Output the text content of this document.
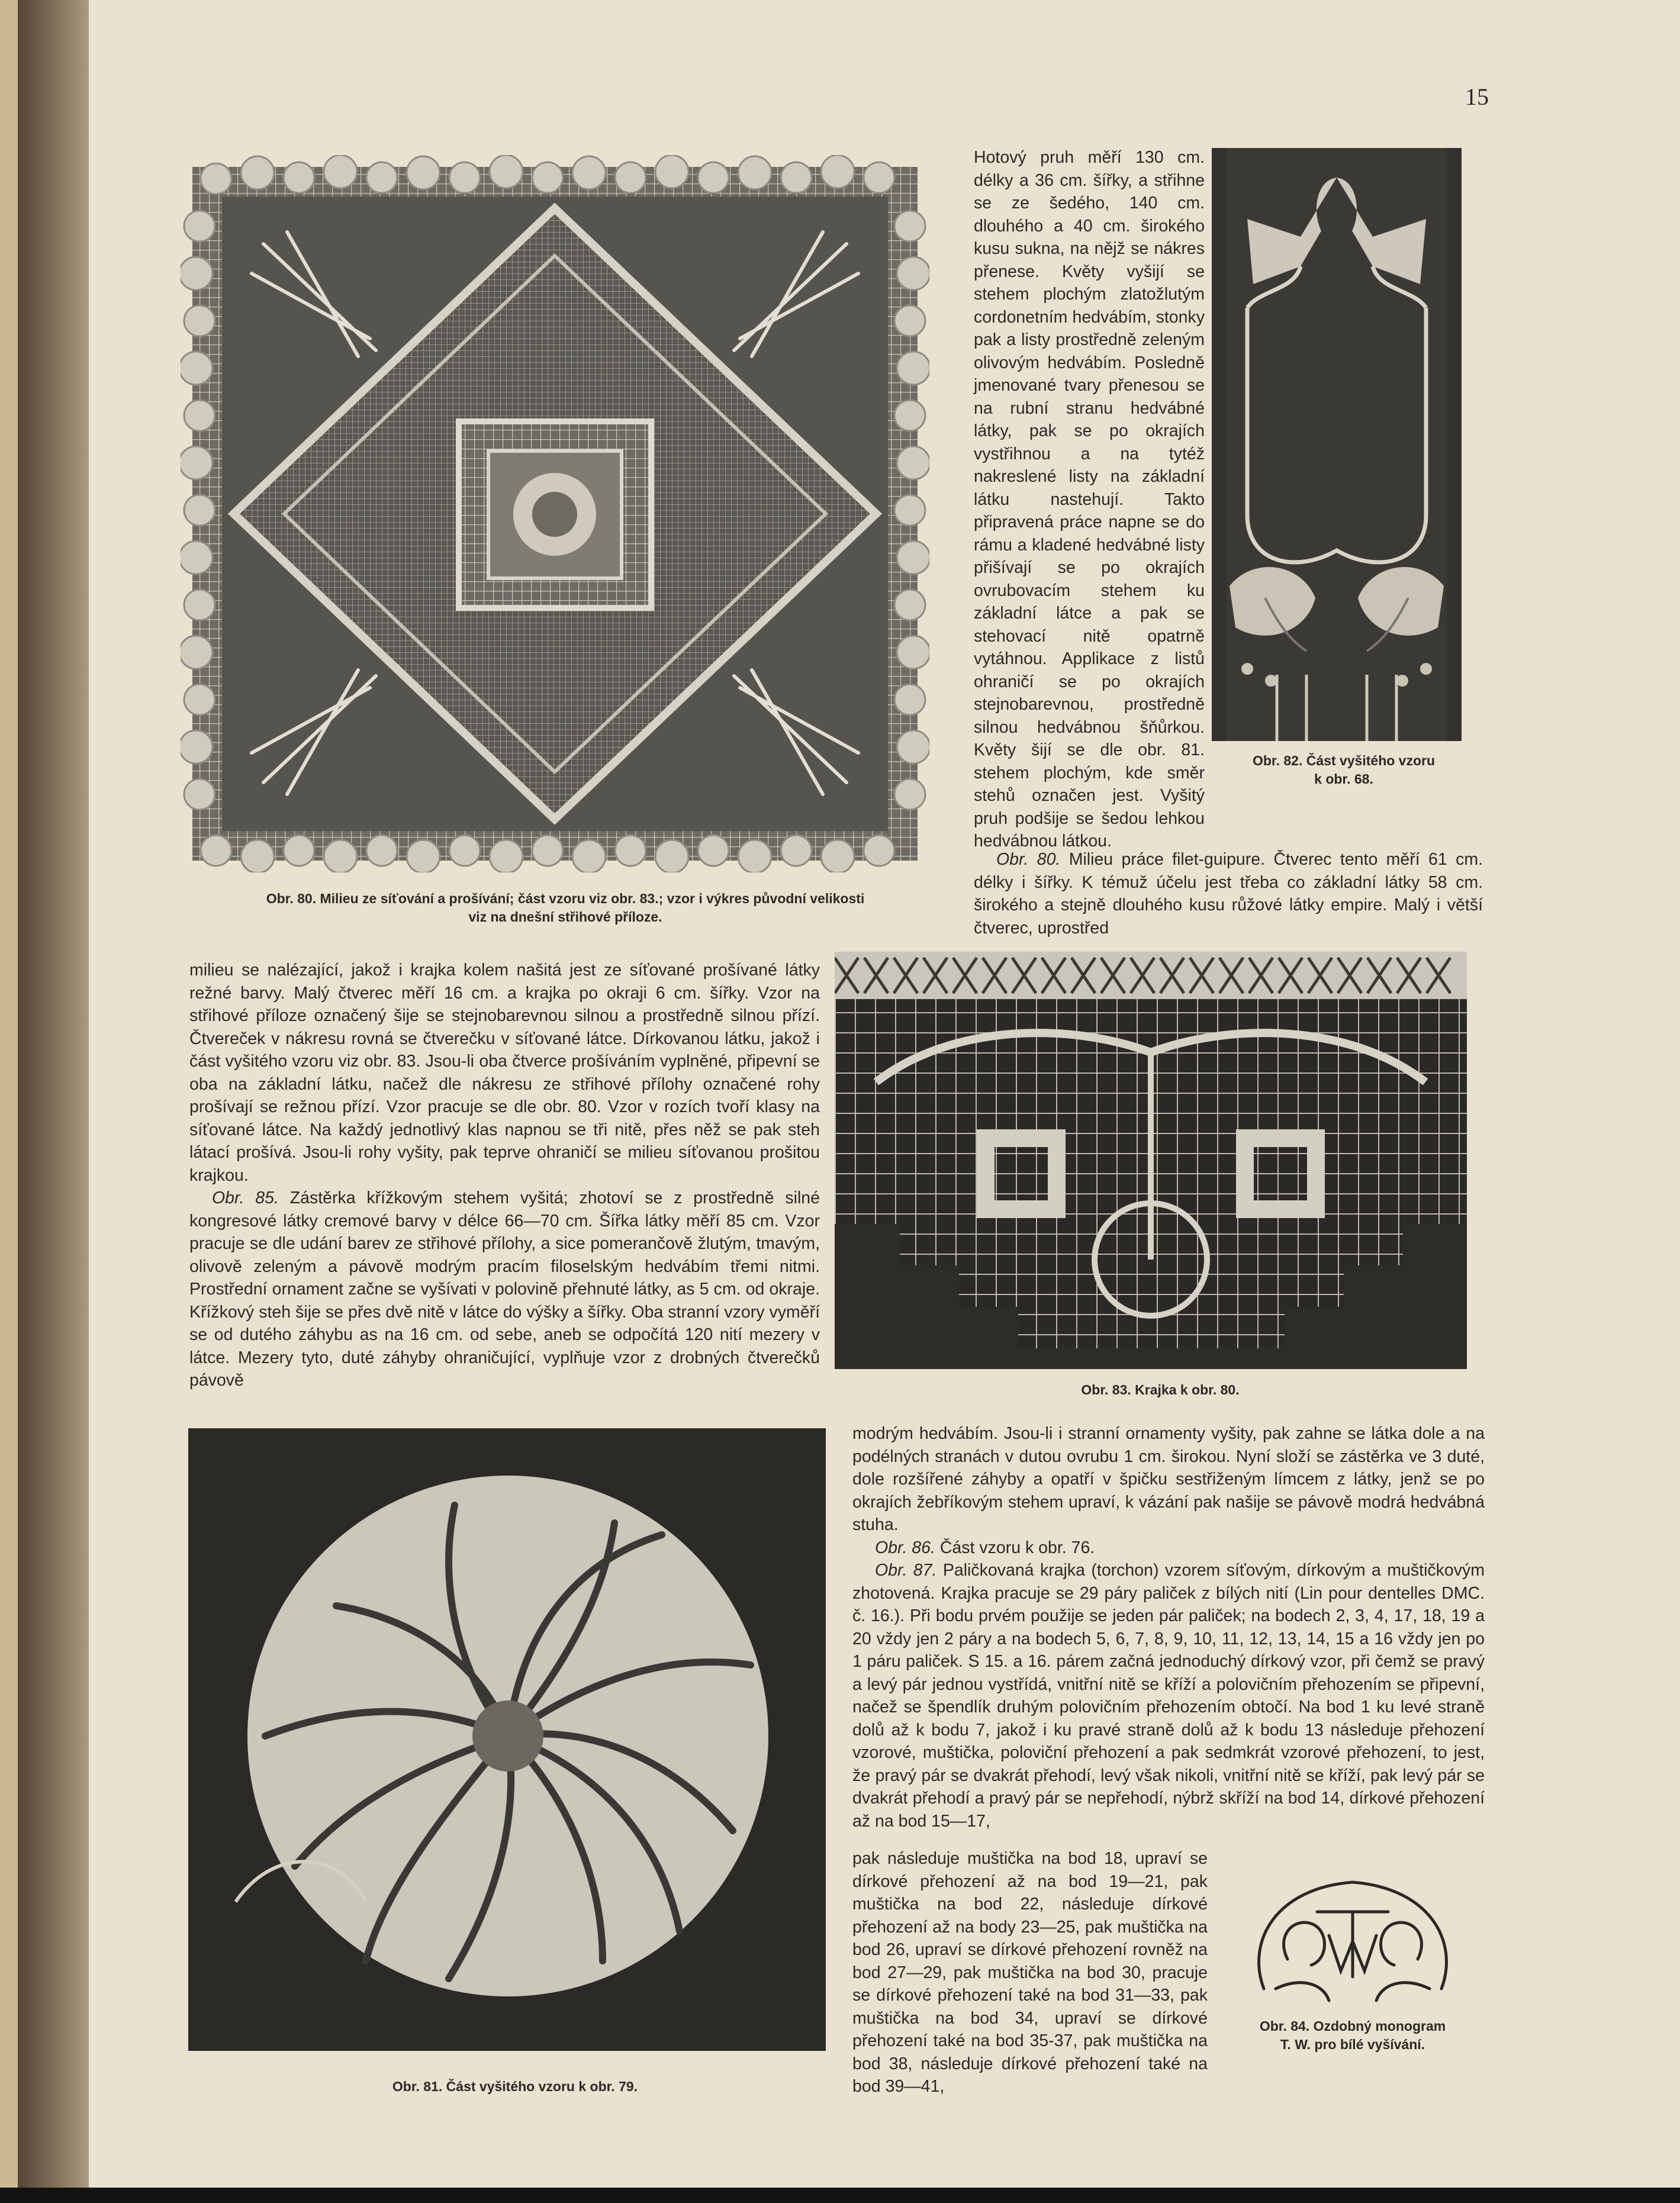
15
Obr. 80. Milieu ze síťování a prošívání; část vzoru viz obr. 83.; vzor i výkres původní velikosti
viz na dnešní střihové příloze.

Hotový pruh měří 130 cm. délky a 36 cm. šířky, a střihne se ze šedého, 140 cm. dlouhého a 40 cm. širokého kusu sukna, na nějž se nákres přenese. Květy vyšijí se stehem plochým zlatožlutým cordonetním hedvábím, stonky pak a listy prostředně zeleným olivovým hedvábím. Posledně jmenované tvary přenesou se na rubní stranu hedvábné látky, pak se po okrajích vystřihnou a na tytéž nakreslené listy na základní látku nastehují. Takto připravená práce napne se do rámu a kladené hedvábné listy přišívají se po okrajích ovrubovacím stehem ku základní látce a pak se stehovací nitě opatrně vytáhnou. Applikace z listů ohraničí se po okrajích stejnobarevnou, prostředně silnou hedvábnou šňůrkou. Květy šijí se dle obr. 81. stehem plochým, kde směr stehů označen jest. Vyšitý pruh podšije se šedou lehkou hedvábnou látkou.

Obr. 82. Část vyšitého vzoru
k obr. 68.

Obr. 80. Milieu práce filet-guipure. Čtverec tento měří 61 cm. délky i šířky. K témuž účelu jest třeba co základní látky 58 cm. širokého a stejně dlouhého kusu růžové látky empire. Malý i větší čtverec, uprostřed

milieu se nalézající, jakož i krajka kolem našitá jest ze síťované prošívané látky režné barvy. Malý čtverec měří 16 cm. a krajka po okraji 6 cm. šířky. Vzor na střihové příloze označený šije se stejnobarevnou silnou a prostředně silnou přízí. Čtvereček v nákresu rovná se čtverečku v síťované látce. Dírkovanou látku, jakož i část vyšitého vzoru viz obr. 83. Jsou-li oba čtverce prošíváním vyplněné, připevní se oba na základní látku, načež dle nákresu ze střihové přílohy označené rohy prošívají se režnou přízí. Vzor pracuje se dle obr. 80. Vzor v rozích tvoří klasy na síťované látce. Na každý jednotlivý klas napnou se tři nitě, přes něž se pak steh látací prošívá. Jsou-li rohy vyšity, pak teprve ohraničí se milieu síťovanou prošitou krajkou.

Obr. 85. Zástěrka křížkovým stehem vyšitá; zhotoví se z prostředně silné kongresové látky cremové barvy v délce 66—70 cm. Šířka látky měří 85 cm. Vzor pracuje se dle udání barev ze střihové přílohy, a sice pomerančově žlutým, tmavým, olivově zeleným a pávově modrým pracím filoselským hedvábím třemi nitmi. Prostřední ornament začne se vyšívati v polovině přehnuté látky, as 5 cm. od okraje. Křížkový steh šije se přes dvě nitě v látce do výšky a šířky. Oba stranní vzory vyměří se od dutého záhybu as na 16 cm. od sebe, aneb se odpočítá 120 nití mezery v látce. Mezery tyto, duté záhyby ohraničující, vyplňuje vzor z drobných čtverečků pávově	Obr. 83. Krajka k obr. 80.
Obr. 81. Část vyšitého vzoru k obr. 79.

modrým hedvábím. Jsou-li i stranní ornamenty vyšity, pak zahne se látka dole a na podélných stranách v dutou ovrubu 1 cm. širokou. Nyní složí se zástěrka ve 3 duté, dole rozšířené záhyby a opatří v špičku sestřiženým límcem z látky, jenž se po okrajích žebříkovým stehem upraví, k vázání pak našije se pávově modrá hedvábná stuha.

Obr. 86. Část vzoru k obr. 76.

Obr. 87. Paličkovaná krajka (torchon) vzorem síťovým, dírkovým a muštičkovým zhotovená. Krajka pracuje se 29 páry paliček z bílých nití (Lin pour dentelles DMC. č. 16.). Při bodu prvém použije se jeden pár paliček; na bodech 2, 3, 4, 17, 18, 19 a 20 vždy jen 2 páry a na bodech 5, 6, 7, 8, 9, 10, 11, 12, 13, 14, 15 a 16 vždy jen po 1 páru paliček. S 15. a 16. párem začná jednoduchý dírkový vzor, při čemž se pravý a levý pár jednou vystřídá, vnitřní nitě se kříží a polovičním přehozením se připevní, načež se špendlík druhým polovičním přehozením obtočí. Na bod 1 ku levé straně dolů až k bodu 7, jakož i ku pravé straně dolů až k bodu 13 následuje přehození vzorové, muštička, poloviční přehození a pak sedmkrát vzorové přehození, to jest, že pravý pár se dvakrát přehodí, levý však nikoli, vnitřní nitě se kříží, pak levý pár se dvakrát přehodí a pravý pár se nepřehodí, nýbrž skříží na bod 14, dírkové přehození až na bod 15—17,

pak následuje muštička na bod 18, upraví se dírkové přehození až na bod 19—21, pak muštička na bod 22, následuje dírkové přehození až na body 23—25, pak muštička na bod 26, upraví se dírkové přehození rovněž na bod 27—29, pak muštička na bod 30, pracuje se dírkové přehození také na bod 31—33, pak muštička na bod 34, upraví se dírkové přehození také na bod 35-37, pak muštička na bod 38, následuje dírkové přehození také na bod 39—41,

Obr. 84. Ozdobný monogram
T. W. pro bílé vyšívání.
